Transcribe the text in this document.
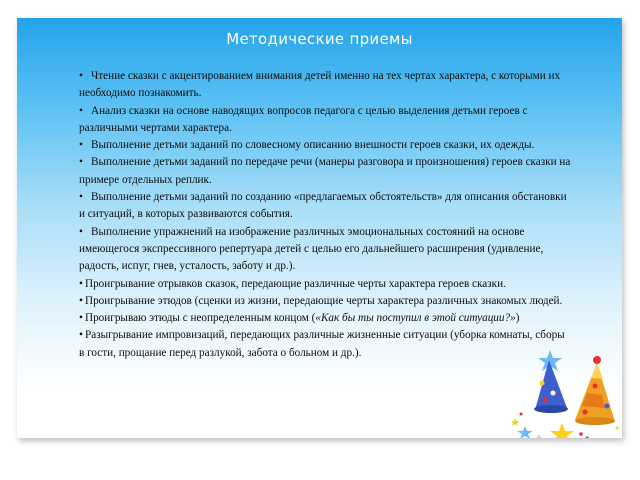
Методические приемы
• Чтение сказки с акцентированием внимания детей именно на тех чертах характера, с которыми их необходимо познакомить.
• Анализ сказки на основе наводящих вопросов педагога с целью выделения детьми героев с различными чертами характера.
• Выполнение детьми заданий по словесному описанию внешности героев сказки, их одежды.
• Выполнение детьми заданий по передаче речи (манеры разговора и произношения) героев сказки на примере отдельных реплик.
• Выполнение детьми заданий по созданию «предлагаемых обстоятельств» для описания обстановки и ситуаций, в которых развиваются события.
• Выполнение упражнений на изображение различных эмоциональных состояний на основе имеющегося экспрессивного репертуара детей с целью его дальнейшего расширения (удивление, радость, испуг, гнев, усталость, заботу и др.).
• Проигрывание отрывков сказок, передающие различные черты характера героев сказки.
• Проигрывание этюдов (сценки из жизни, передающие черты характера различных знакомых людей.
• Проигрываю этюды с неопределенным концом («Как бы ты поступил в этой ситуации?»)
• Разыгрывание импровизаций, передающих различные жизненные ситуации (уборка комнаты, сборы в гости, прощание перед разлукой, забота о больном и др.).
